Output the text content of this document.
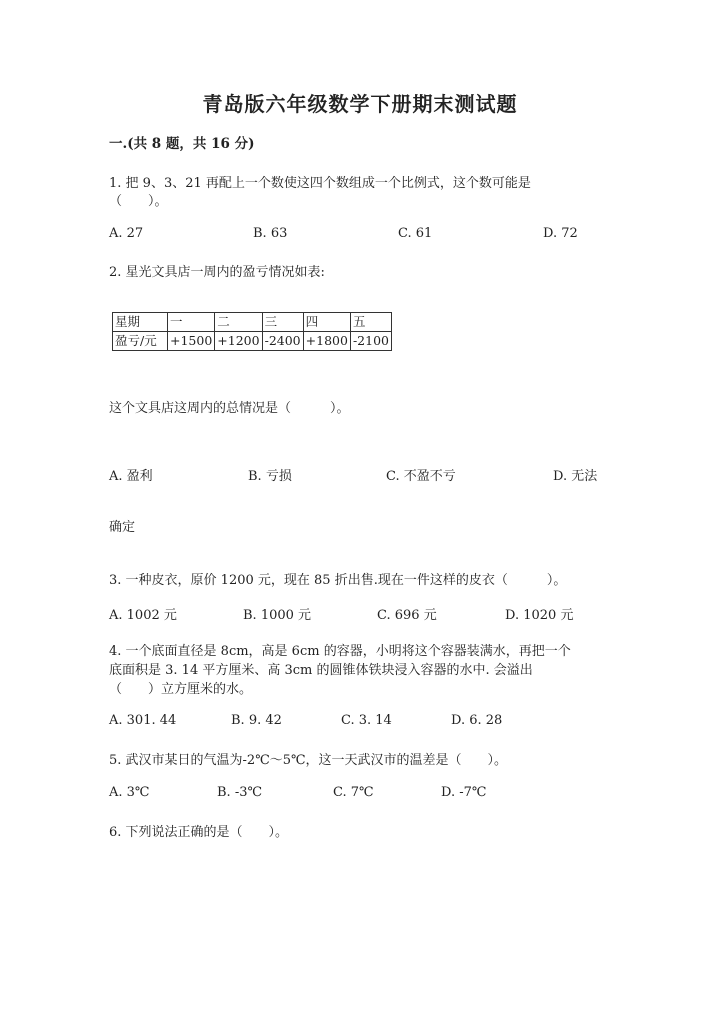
青岛版六年级数学下册期末测试题
一.(共 8 题，共 16 分)
1. 把 9、3、21 再配上一个数使这四个数组成一个比例式，这个数可能是
（　　）。
A. 27	B. 63	C. 61	D. 72
2. 星光文具店一周内的盈亏情况如表:
星期	一	二	三	四	五
盈亏/元	+1500	+1200	-2400	+1800	-2100
这个文具店这周内的总情况是（　　　）。
A. 盈利	B. 亏损	C. 不盈不亏	D. 无法
确定
3. 一种皮衣，原价 1200 元，现在 85 折出售.现在一件这样的皮衣（　　　）。
A. 1002 元	B. 1000 元	C. 696 元	D. 1020 元
4. 一个底面直径是 8cm，高是 6cm 的容器，小明将这个容器装满水，再把一个
底面积是 3. 14 平方厘米、高 3cm 的圆锥体铁块浸入容器的水中. 会溢出
（　　）立方厘米的水。
A. 301. 44	B. 9. 42	C. 3. 14	D. 6. 28
5. 武汉市某日的气温为-2℃～5℃，这一天武汉市的温差是（　　）。
A. 3℃	B. -3℃	C. 7℃	D. -7℃
6. 下列说法正确的是（　　）。
